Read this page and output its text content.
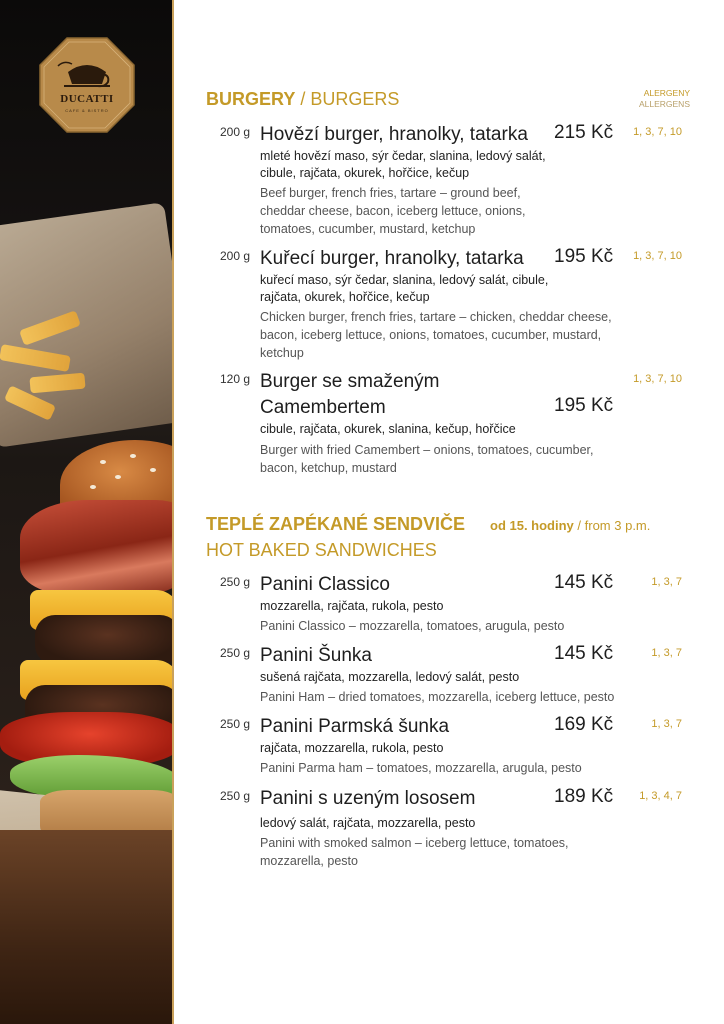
DUCATTI
CAFE & BISTRO
ALERGENY
ALLERGENS
BURGERY / BURGERS
200 g Hovězí burger, hranolky, tatarka	215 Kč 1, 3, 7, 10
mleté hovězí maso, sýr čedar, slanina, ledový salát, cibule, rajčata, okurek, hořčice, kečup
Beef burger, french fries, tartare – ground beef, cheddar cheese, bacon, iceberg lettuce, onions, tomatoes, cucumber, mustard, ketchup
200 g Kuřecí burger, hranolky, tatarka	195 Kč 1, 3, 7, 10
kuřecí maso, sýr čedar, slanina, ledový salát, cibule, rajčata, okurek, hořčice, kečup
Chicken burger, french fries, tartare – chicken, cheddar cheese, bacon, iceberg lettuce, onions, tomatoes, cucumber, mustard, ketchup
120 g Burger se smaženým Camembertem	195 Kč
1, 3, 7, 10
cibule, rajčata, okurek, slanina, kečup, hořčice
Burger with fried Camembert – onions, tomatoes, cucumber, bacon, ketchup, mustard
TEPLÉ ZAPÉKANÉ SENDVIČE od 15. hodiny / from 3 p.m.
HOT BAKED SANDWICHES
250 g Panini Classico	145 Kč	1, 3, 7
mozzarella, rajčata, rukola, pesto
Panini Classico – mozzarella, tomatoes, arugula, pesto
250 g Panini Šunka	145 Kč	1, 3, 7
sušená rajčata, mozzarella, ledový salát, pesto
Panini Ham – dried tomatoes, mozzarella, iceberg lettuce, pesto
250 g Panini Parmská šunka	169 Kč	1, 3, 7
rajčata, mozzarella, rukola, pesto
Panini Parma ham – tomatoes, mozzarella, arugula, pesto
250 g Panini s uzeným lososem	189 Kč 1, 3, 4, 7
ledový salát, rajčata, mozzarella, pesto
Panini with smoked salmon – iceberg lettuce, tomatoes, mozzarella, pesto
